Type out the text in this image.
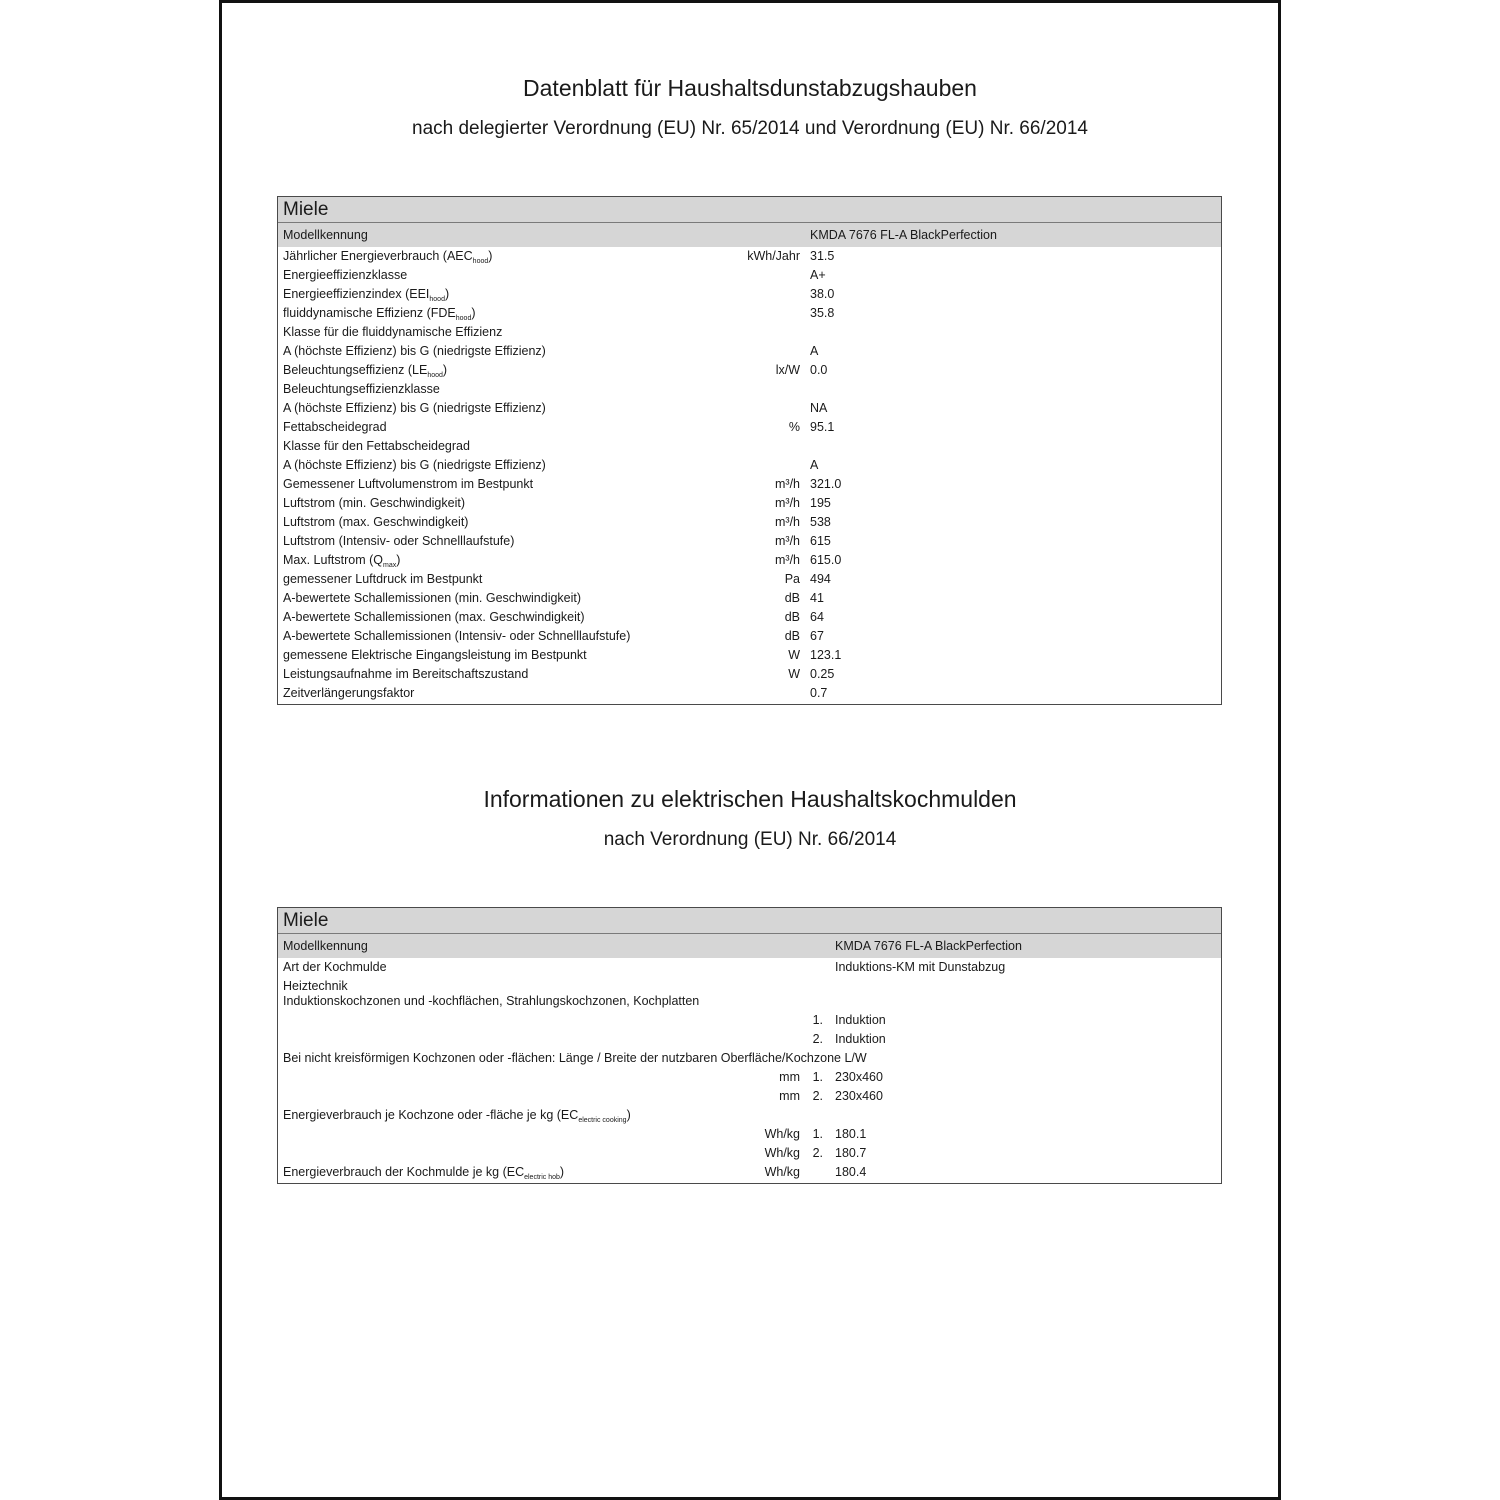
Datenblatt für Haushaltsdunstabzugshauben
nach delegierter Verordnung (EU) Nr. 65/2014 und Verordnung (EU) Nr. 66/2014
Miele
Modellkennung	KMDA 7676 FL-A BlackPerfection
Jährlicher Energieverbrauch $(AEC_{hood})$	kWh/Jahr 31.5
Energieeffizienzklasse	A+
Energieeffizienzindex $(EEI_{hood})$	38.0
fluiddynamische Effizienz $(FDE_{hood})$	35.8
Klasse für die fluiddynamische Effizienz
A (höchste Effizienz) bis G (niedrigste Effizienz)	A
Beleuchtungseffizienz $(LE_{hood})$	lx/W 0.0
Beleuchtungseffizienzklasse
A (höchste Effizienz) bis G (niedrigste Effizienz)	NA
Fettabscheidegrad	% 95.1
Klasse für den Fettabscheidegrad
A (höchste Effizienz) bis G (niedrigste Effizienz)	A
Gemessener Luftvolumenstrom im Bestpunkt	m³/h 321.0
Luftstrom (min. Geschwindigkeit)	m³/h 195
Luftstrom (max. Geschwindigkeit)	m³/h 538
Luftstrom (Intensiv- oder Schnelllaufstufe)	m³/h 615
Max. Luftstrom $(Q_{max})$	m³/h 615.0
gemessener Luftdruck im Bestpunkt	Pa 494
A-bewertete Schallemissionen (min. Geschwindigkeit)	dB 41
A-bewertete Schallemissionen (max. Geschwindigkeit)	dB 64
A-bewertete Schallemissionen (Intensiv- oder Schnelllaufstufe)	dB 67
gemessene Elektrische Eingangsleistung im Bestpunkt	W 123.1
Leistungsaufnahme im Bereitschaftszustand	W 0.25
Zeitverlängerungsfaktor	0.7
Informationen zu elektrischen Haushaltskochmulden
nach Verordnung (EU) Nr. 66/2014
Miele
Modellkennung	KMDA 7676 FL-A BlackPerfection
Art der Kochmulde	Induktions-KM mit Dunstabzug
Heiztechnik
Induktionskochzonen und -kochflächen, Strahlungskochzonen, Kochplatten
1. Induktion
2. Induktion
Bei nicht kreisförmigen Kochzonen oder -flächen: Länge / Breite der nutzbaren Oberfläche/Kochzone L/W
mm 1. 230x460
mm 2. 230x460
Energieverbrauch je Kochzone oder -fläche je kg $(EC_{electric cooking})$
Wh/kg 1. 180.1
Wh/kg 2. 180.7
Energieverbrauch der Kochmulde je kg $(EC_{electric hob})$	Wh/kg	180.4
